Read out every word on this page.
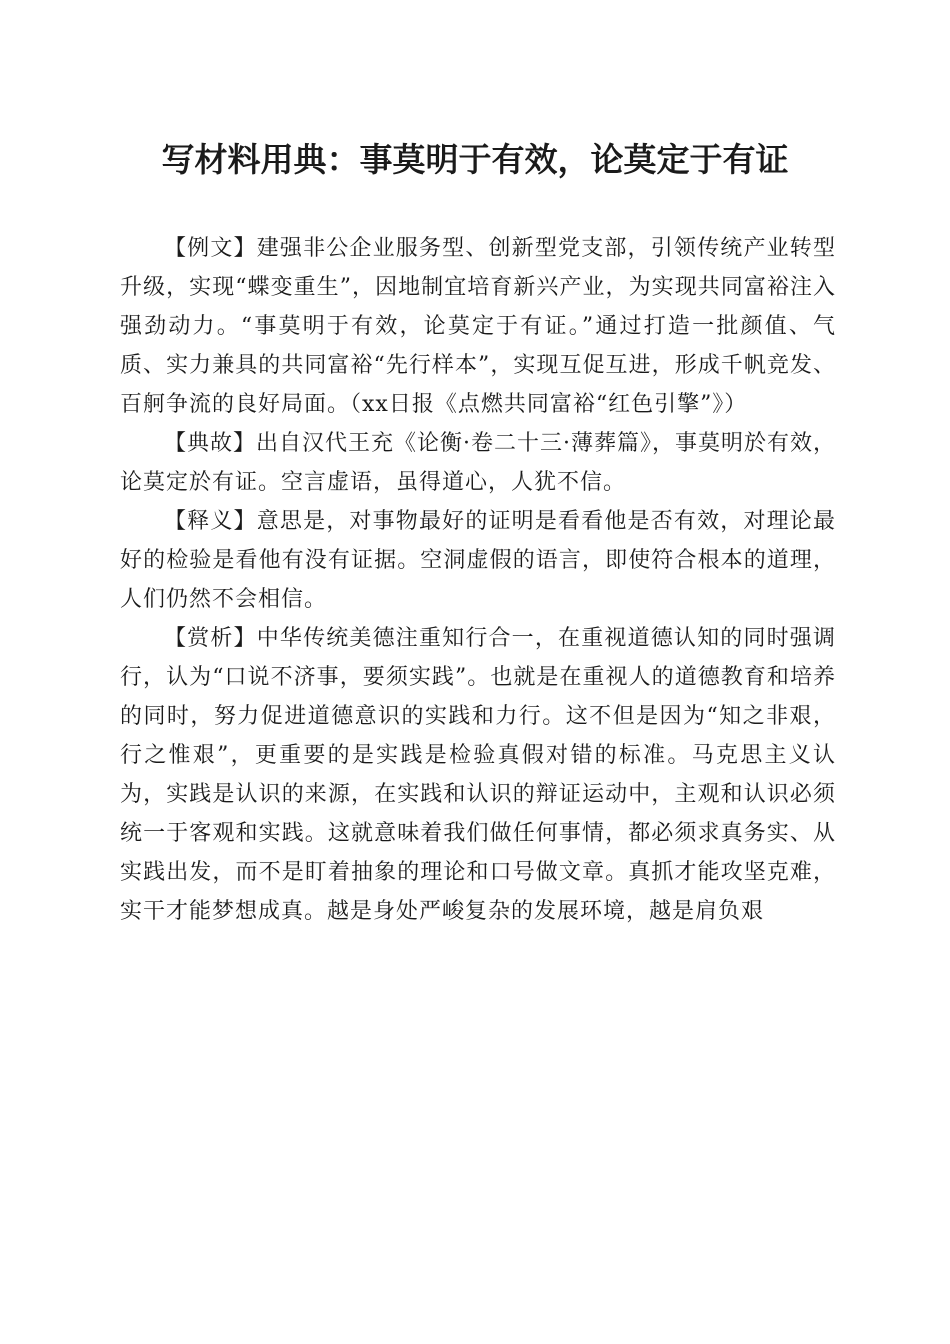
写材料用典：事莫明于有效，论莫定于有证

【例文】建强非公企业服务型、创新型党支部，引领传统产业转型升级，实现“蝶变重生”，因地制宜培育新兴产业，为实现共同富裕注入强劲动力。“事莫明于有效，论莫定于有证。”通过打造一批颜值、气质、实力兼具的共同富裕“先行样本”，实现互促互进，形成千帆竞发、百舸争流的良好局面。（xx日报《点燃共同富裕“红色引擎”》）

【典故】出自汉代王充《论衡·卷二十三·薄葬篇》，事莫明於有效，论莫定於有证。空言虚语，虽得道心，人犹不信。

【释义】意思是，对事物最好的证明是看看他是否有效，对理论最好的检验是看他有没有证据。空洞虚假的语言，即使符合根本的道理，人们仍然不会相信。

【赏析】中华传统美德注重知行合一，在重视道德认知的同时强调行，认为“口说不济事，要须实践”。也就是在重视人的道德教育和培养的同时，努力促进道德意识的实践和力行。这不但是因为“知之非艰，行之惟艰”，更重要的是实践是检验真假对错的标准。马克思主义认为，实践是认识的来源，在实践和认识的辩证运动中，主观和认识必须统一于客观和实践。这就意味着我们做任何事情，都必须求真务实、从实践出发，而不是盯着抽象的理论和口号做文章。真抓才能攻坚克难，实干才能梦想成真。越是身处严峻复杂的发展环境，越是肩负艰
